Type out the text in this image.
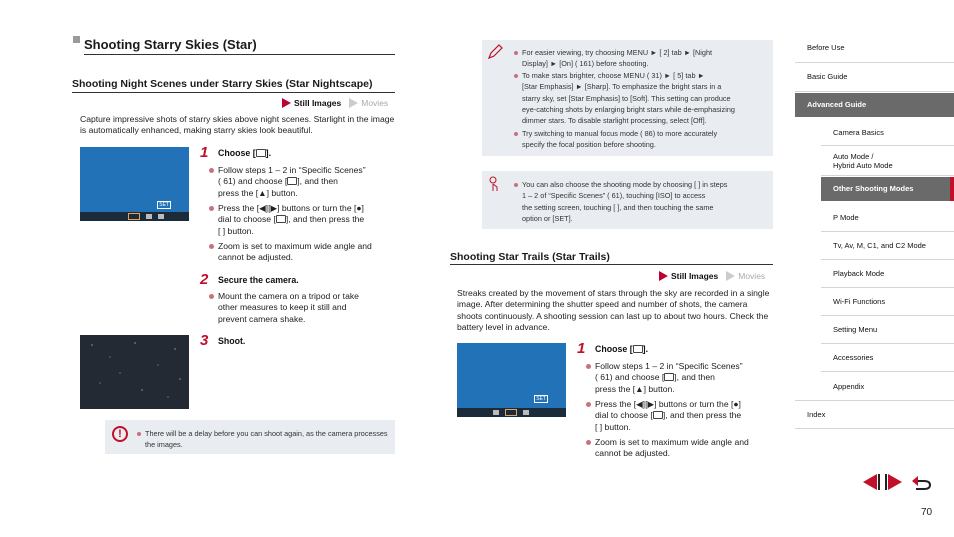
Shooting Starry Skies (Star)
Shooting Night Scenes under Starry Skies (Star Nightscape)
Still Images Movies
Capture impressive shots of starry skies above night scenes. Starlight in the image is automatically enhanced, making starry skies look beautiful.
SET
1 Choose [ ].
Follow steps 1 – 2 in “Specific Scenes”
( 61) and choose [ ], and then
press the [▲] button.
Press the [◀][▶] buttons or turn the [●]
dial to choose [ ], and then press the
[ ] button.
Zoom is set to maximum wide angle and
cannot be adjusted.
2 Secure the camera.
Mount the camera on a tripod or take
other measures to keep it still and
prevent camera shake.
3 Shoot.
!	There will be a delay before you can shoot again, as the camera processes the images.
For easier viewing, try choosing MENU ► [ 2] tab ► [Night
Display] ► [On] ( 161) before shooting.
To make stars brighter, choose MENU ( 31) ► [ 5] tab ►
[Star Emphasis] ► [Sharp]. To emphasize the bright stars in a
starry sky, set [Star Emphasis] to [Soft]. This setting can produce
eye-catching shots by enlarging bright stars while de-emphasizing
dimmer stars. To disable starlight processing, select [Off].
Try switching to manual focus mode ( 86) to more accurately
specify the focal position before shooting.
You can also choose the shooting mode by choosing [ ] in steps
1 – 2 of “Specific Scenes” ( 61), touching [ISO] to access
the setting screen, touching [ ], and then touching the same
option or [SET].
Shooting Star Trails (Star Trails)
Still Images Movies
Streaks created by the movement of stars through the sky are recorded in a single image. After determining the shutter speed and number of shots, the camera shoots continuously. A shooting session can last up to about two hours. Check the battery level in advance.
SET
1 Choose [ ].
Follow steps 1 – 2 in “Specific Scenes”
( 61) and choose [ ], and then
press the [▲] button.
Press the [◀][▶] buttons or turn the [●]
dial to choose [ ], and then press the
[ ] button.
Zoom is set to maximum wide angle and
cannot be adjusted.
Before Use
Basic Guide
Advanced Guide
Camera Basics
Auto Mode /
Hybrid Auto Mode
Other Shooting Modes
P Mode
Tv, Av, M, C1, and C2 Mode
Playback Mode
Wi-Fi Functions
Setting Menu
Accessories
Appendix
Index
70
